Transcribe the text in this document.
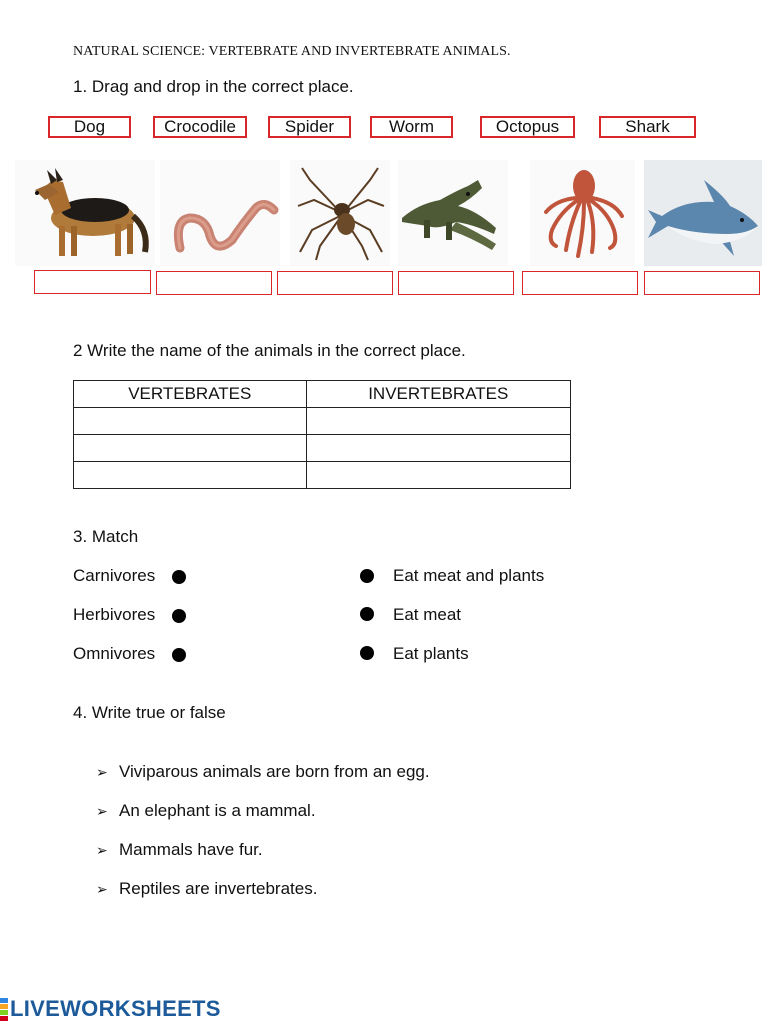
NATURAL SCIENCE: VERTEBRATE AND INVERTEBRATE ANIMALS.
1. Drag and drop in the correct place.
Dog	Crocodile	Spider	Worm	Octopus	Shark
2 Write the name of the animals in the correct place.
VERTEBRATES	INVERTEBRATES

3. Match
Carnivores	Eat meat and plants
Herbivores	Eat meat
Omnivores	Eat plants
4. Write true or false
➢ Viviparous animals are born from an egg.
➢ An elephant is a mammal.
➢ Mammals have fur.
➢ Reptiles are invertebrates.
LIVEWORKSHEETS
